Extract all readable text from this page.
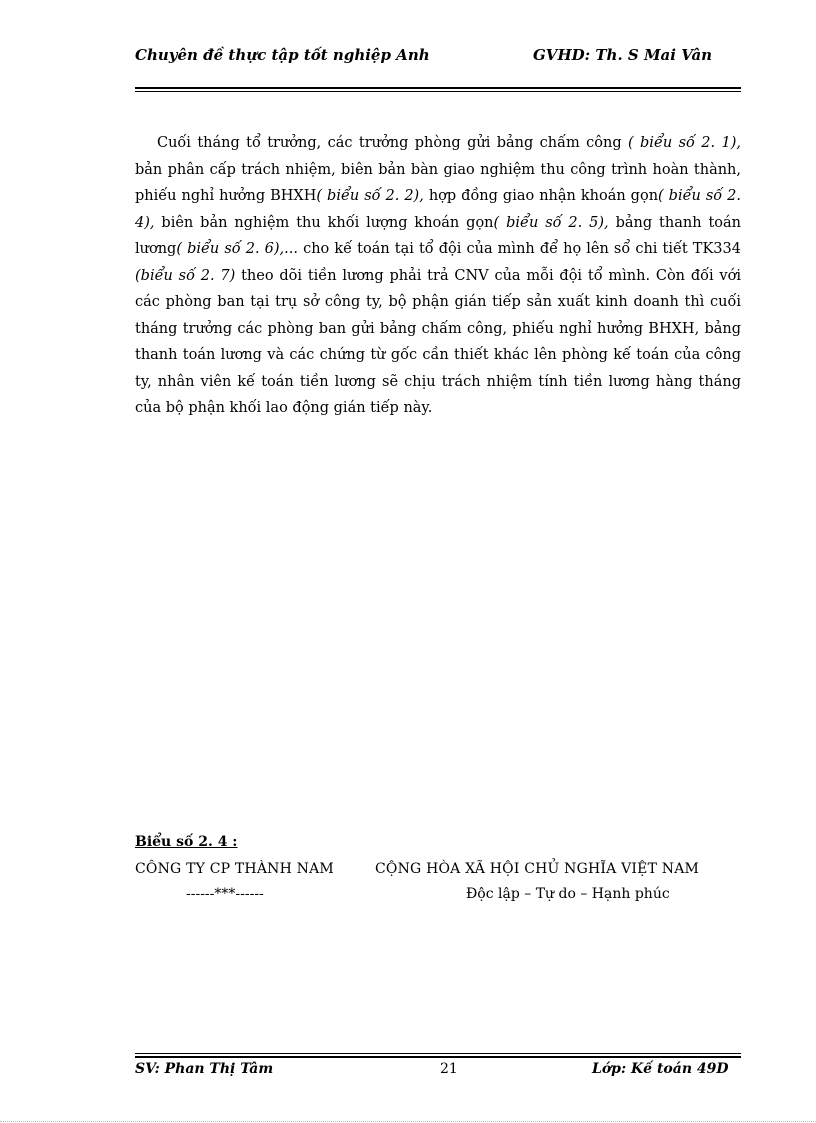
Chuyên đề thực tập tốt nghiệp Anh	GVHD: Th. S Mai Vân
Cuối tháng tổ trưởng, các trưởng phòng gửi bảng chấm công ( biểu số 2. 1), bản phân cấp trách nhiệm, biên bản bàn giao nghiệm thu công trình hoàn thành, phiếu nghỉ hưởng BHXH( biểu số 2. 2), hợp đồng giao nhận khoán gọn( biểu số 2. 4), biên bản nghiệm thu khối lượng khoán gọn( biểu số 2. 5), bảng thanh toán lương( biểu số 2. 6),... cho kế toán tại tổ đội của mình để họ lên sổ chi tiết TK334 (biểu số 2. 7) theo dõi tiền lương phải trả CNV của mỗi đội tổ mình. Còn đối với các phòng ban tại trụ sở công ty, bộ phận gián tiếp sản xuất kinh doanh thì cuối tháng trưởng các phòng ban gửi bảng chấm công, phiếu nghỉ hưởng BHXH, bảng thanh toán lương và các chứng từ gốc cần thiết khác lên phòng kế toán của công ty, nhân viên kế toán tiền lương sẽ chịu trách nhiệm tính tiền lương hàng tháng của bộ phận khối lao động gián tiếp này.
Biểu số 2. 4 :
CÔNG TY CP THÀNH NAM	CỘNG HÒA XÃ HỘI CHỦ NGHĨA VIỆT NAM
------***------	Độc lập – Tự do – Hạnh phúc
SV: Phan Thị Tâm	21	Lớp: Kế toán 49D
